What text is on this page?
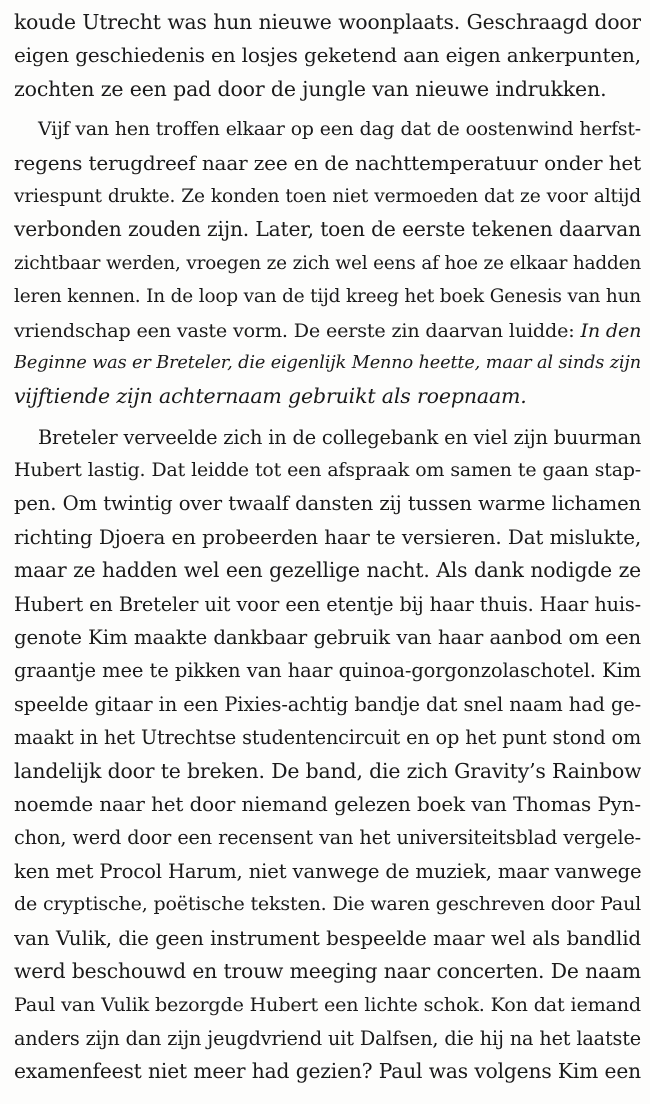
koude Utrecht was hun nieuwe woonplaats. Geschraagd door
eigen geschiedenis en losjes geketend aan eigen ankerpunten,
zochten ze een pad door de jungle van nieuwe indrukken.
Vijf van hen troffen elkaar op een dag dat de oostenwind herfst-
regens terugdreef naar zee en de nachttemperatuur onder het
vriespunt drukte. Ze konden toen niet vermoeden dat ze voor altijd
verbonden zouden zijn. Later, toen de eerste tekenen daarvan
zichtbaar werden, vroegen ze zich wel eens af hoe ze elkaar hadden
leren kennen. In de loop van de tijd kreeg het boek Genesis van hun
vriendschap een vaste vorm. De eerste zin daarvan luidde: In den
Beginne was er Breteler, die eigenlijk Menno heette, maar al sinds zijn
vijftiende zijn achternaam gebruikt als roepnaam.
Breteler verveelde zich in de collegebank en viel zijn buurman
Hubert lastig. Dat leidde tot een afspraak om samen te gaan stap-
pen. Om twintig over twaalf dansten zij tussen warme lichamen
richting Djoera en probeerden haar te versieren. Dat mislukte,
maar ze hadden wel een gezellige nacht. Als dank nodigde ze
Hubert en Breteler uit voor een etentje bij haar thuis. Haar huis-
genote Kim maakte dankbaar gebruik van haar aanbod om een
graantje mee te pikken van haar quinoa-gorgonzolaschotel. Kim
speelde gitaar in een Pixies-achtig bandje dat snel naam had ge-
maakt in het Utrechtse studentencircuit en op het punt stond om
landelijk door te breken. De band, die zich Gravity’s Rainbow
noemde naar het door niemand gelezen boek van Thomas Pyn-
chon, werd door een recensent van het universiteitsblad vergele-
ken met Procol Harum, niet vanwege de muziek, maar vanwege
de cryptische, poëtische teksten. Die waren geschreven door Paul
van Vulik, die geen instrument bespeelde maar wel als bandlid
werd beschouwd en trouw meeging naar concerten. De naam
Paul van Vulik bezorgde Hubert een lichte schok. Kon dat iemand
anders zijn dan zijn jeugdvriend uit Dalfsen, die hij na het laatste
examenfeest niet meer had gezien? Paul was volgens Kim een
